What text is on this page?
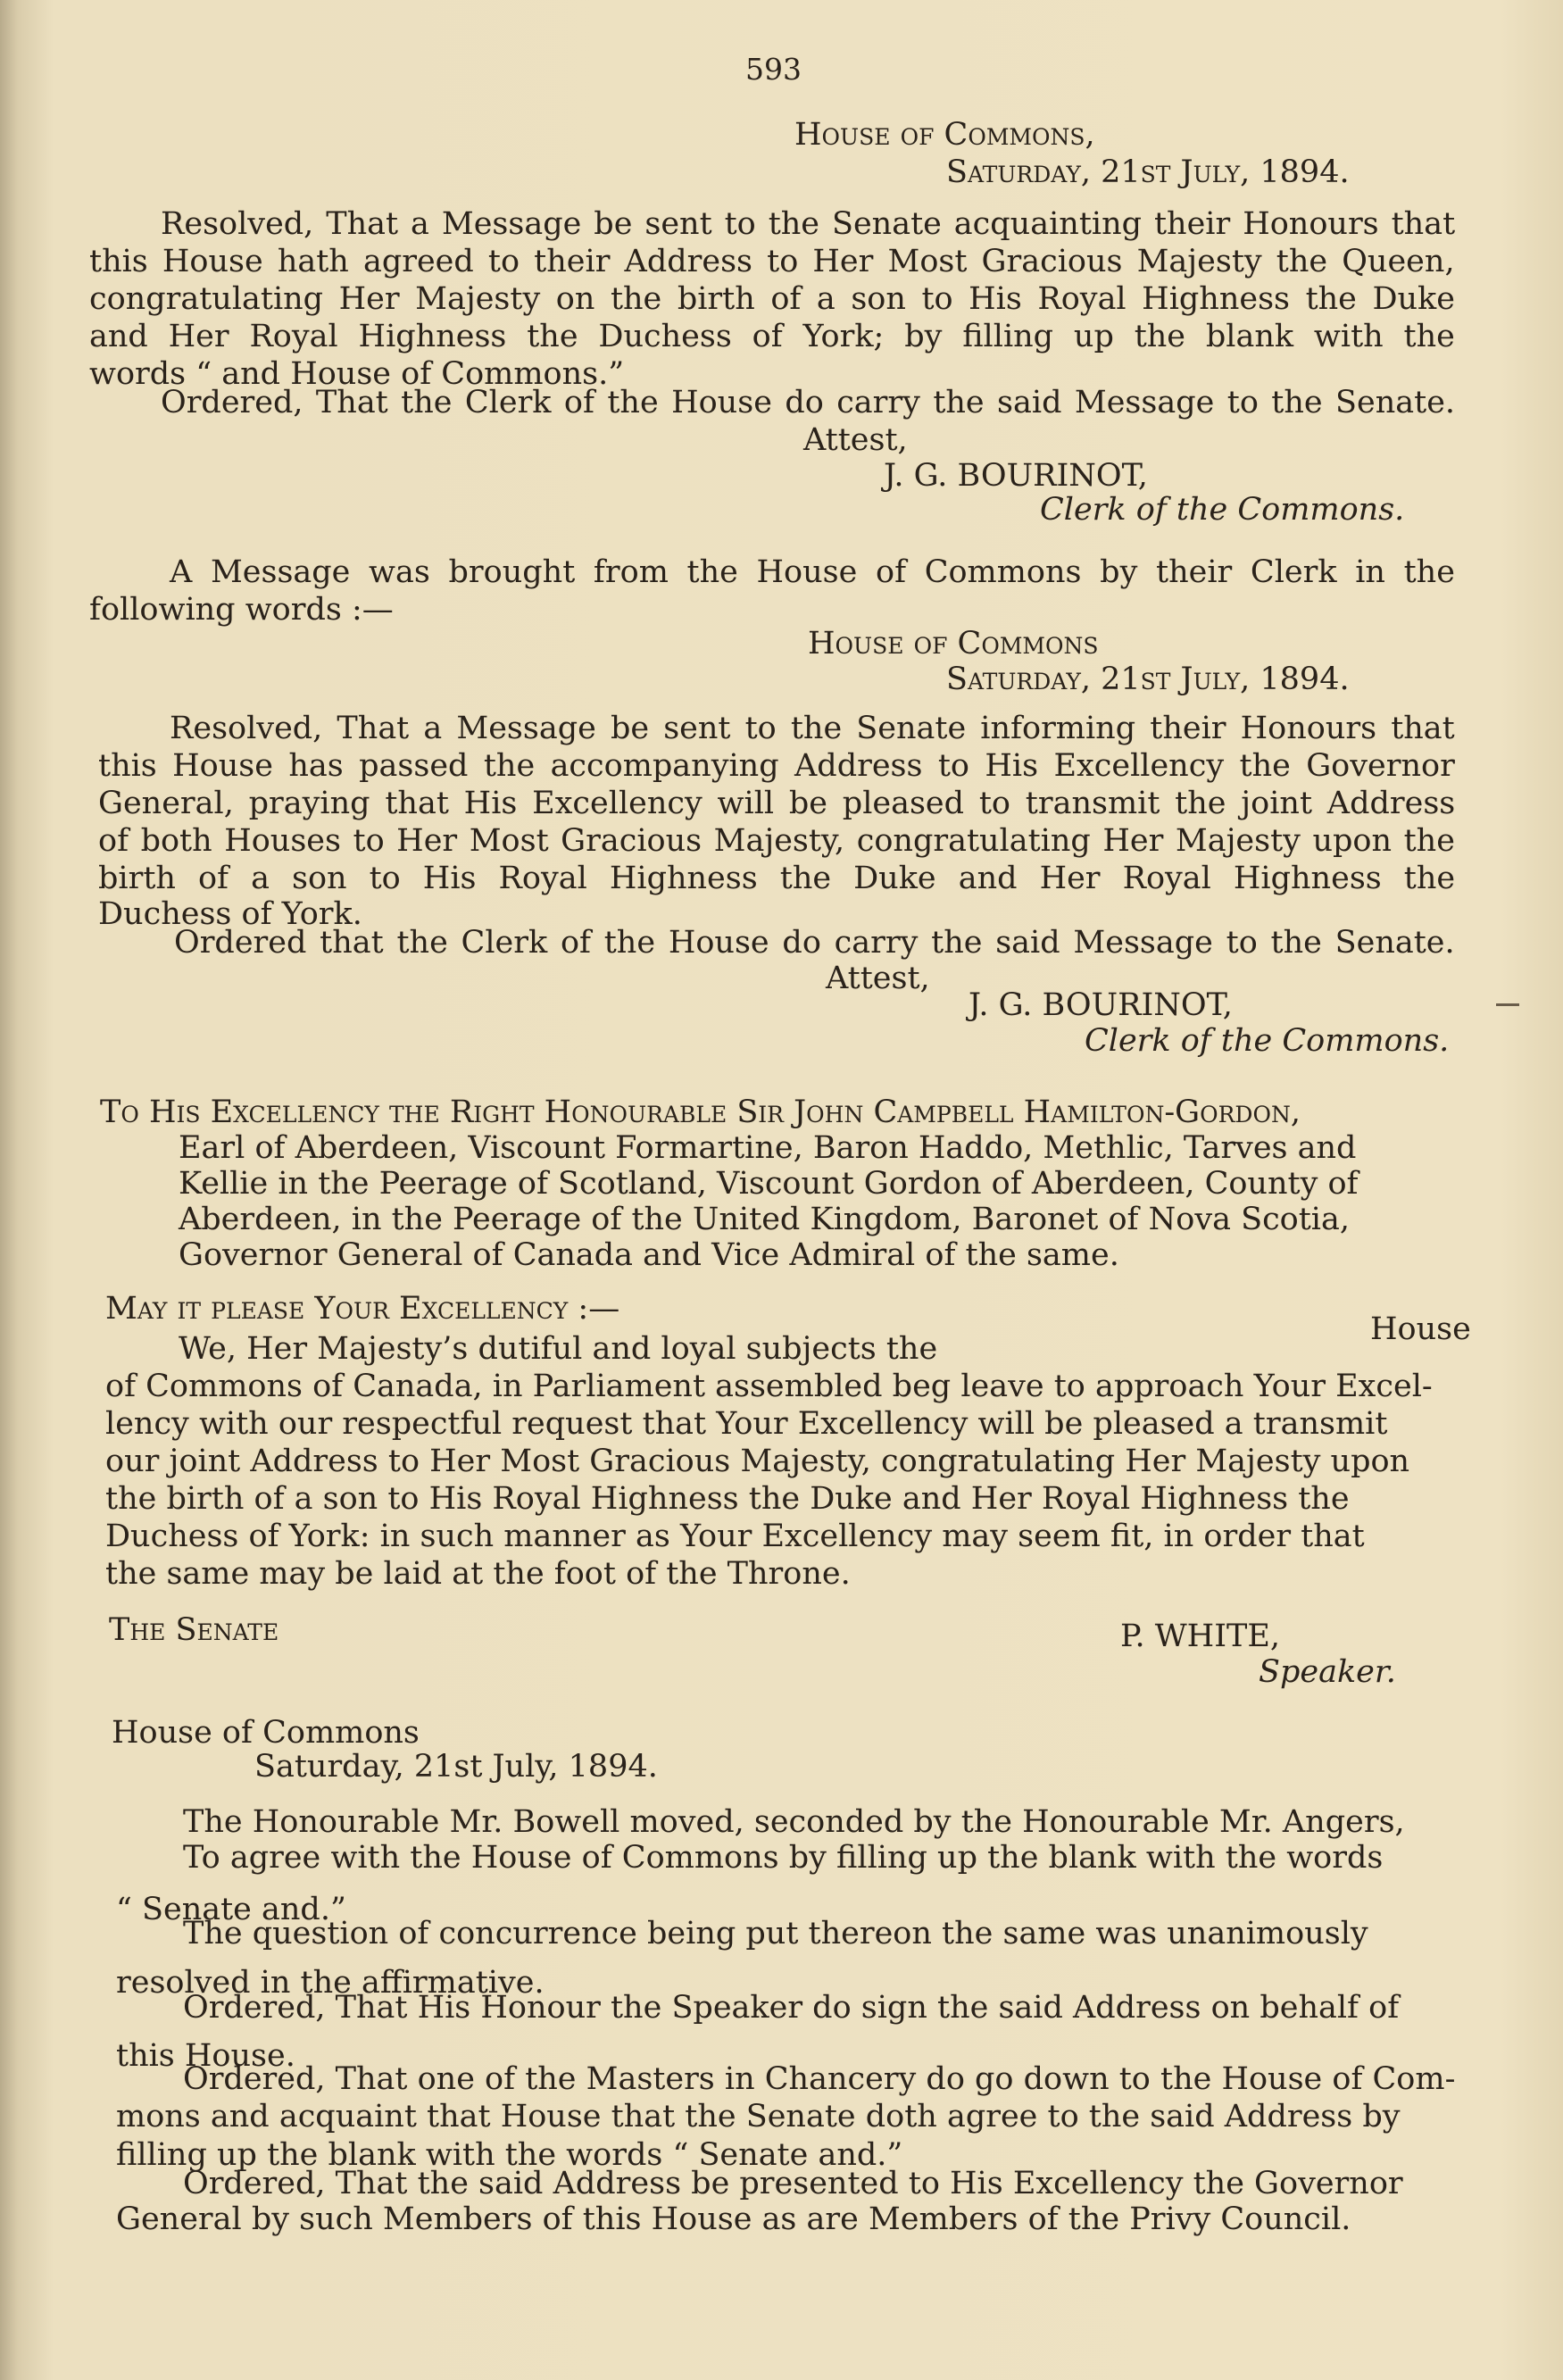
593
House of Commons,
Saturday, 21st July, 1894.
Resolved, That a Message be sent to the Senate acquainting their Honours that
this House hath agreed to their Address to Her Most Gracious Majesty the Queen,
congratulating Her Majesty on the birth of a son to His Royal Highness the Duke
and Her Royal Highness the Duchess of York; by filling up the blank with the
words “ and House of Commons.”
Ordered, That the Clerk of the House do carry the said Message to the Senate.
Attest,
J. G. BOURINOT,
Clerk of the Commons.
A Message was brought from the House of Commons by their Clerk in the
following words :—
House of Commons
Saturday, 21st July, 1894.
Resolved, That a Message be sent to the Senate informing their Honours that
this House has passed the accompanying Address to His Excellency the Governor
General, praying that His Excellency will be pleased to transmit the joint Address
of both Houses to Her Most Gracious Majesty, congratulating Her Majesty upon the
birth of a son to His Royal Highness the Duke and Her Royal Highness the
Duchess of York.
Ordered that the Clerk of the House do carry the said Message to the Senate.
Attest,
J. G. BOURINOT,
Clerk of the Commons.
To His Excellency the Right Honourable Sir John Campbell Hamilton-Gordon,
Earl of Aberdeen, Viscount Formartine, Baron Haddo, Methlic, Tarves and
Kellie in the Peerage of Scotland, Viscount Gordon of Aberdeen, County of
Aberdeen, in the Peerage of the United Kingdom, Baronet of Nova Scotia,
Governor General of Canada and Vice Admiral of the same.
May it please Your Excellency :—
House
We, Her Majesty’s dutiful and loyal subjects the
of Commons of Canada, in Parliament assembled beg leave to approach Your Excel-
lency with our respectful request that Your Excellency will be pleased a transmit
our joint Address to Her Most Gracious Majesty, congratulating Her Majesty upon
the birth of a son to His Royal Highness the Duke and Her Royal Highness the
Duchess of York: in such manner as Your Excellency may seem fit, in order that
the same may be laid at the foot of the Throne.
The Senate	P. WHITE,
Speaker.
House of Commons
Saturday, 21st July, 1894.
The Honourable Mr. Bowell moved, seconded by the Honourable Mr. Angers,
To agree with the House of Commons by filling up the blank with the words
“ Senate and.”
The question of concurrence being put thereon the same was unanimously
resolved in the affirmative.
Ordered, That His Honour the Speaker do sign the said Address on behalf of
this House.
Ordered, That one of the Masters in Chancery do go down to the House of Com-
mons and acquaint that House that the Senate doth agree to the said Address by
filling up the blank with the words “ Senate and.”
Ordered, That the said Address be presented to His Excellency the Governor
General by such Members of this House as are Members of the Privy Council.
